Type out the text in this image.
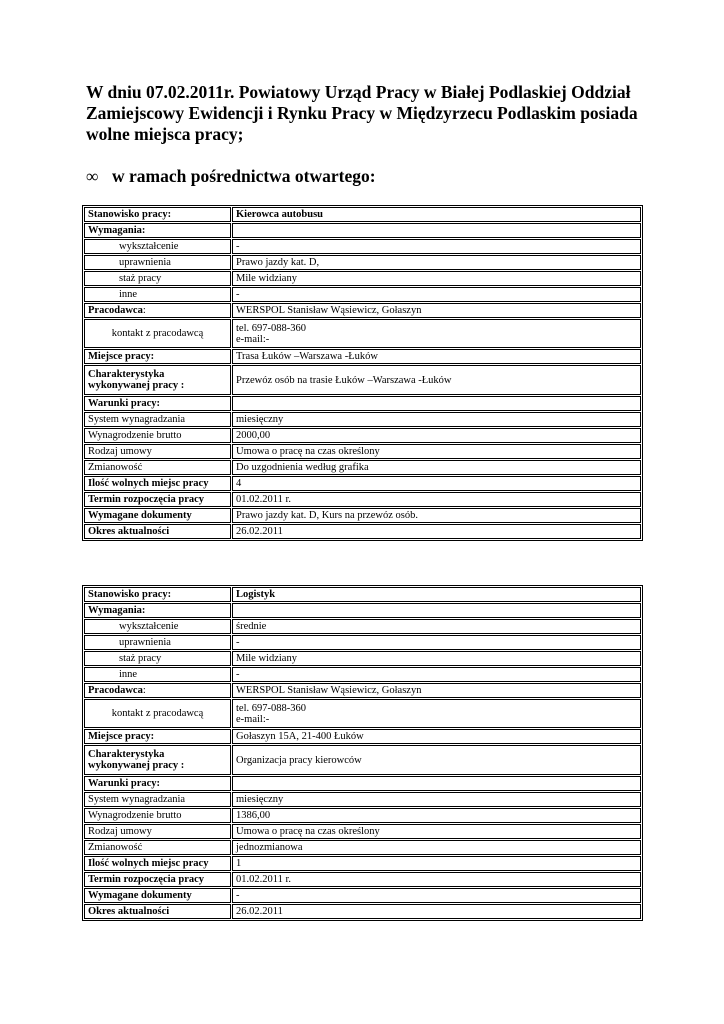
W dniu 07.02.2011r. Powiatowy Urząd Pracy w Białej Podlaskiej Oddział Zamiejscowy Ewidencji i Rynku Pracy w Międzyrzecu Podlaskim posiada wolne miejsca pracy;

∞ w ramach pośrednictwa otwartego:

Stanowisko pracy:	Kierowca autobusu
Wymagania:
wykształcenie	-
uprawnienia	Prawo jazdy kat. D,
staż pracy	Mile widziany
inne	-
Pracodawca :	WERSPOL Stanisław Wąsiewicz, Gołaszyn
kontakt z pracodawcą	tel. 697-088-360
e-mail:-
Miejsce pracy:	Trasa Łuków –Warszawa -Łuków
Charakterystyka wykonywanej pracy :	Przewóz osób na trasie Łuków –Warszawa -Łuków
Warunki pracy:
System wynagradzania	miesięczny
Wynagrodzenie brutto	2000,00
Rodzaj umowy	Umowa o pracę na czas określony
Zmianowość	Do uzgodnienia według grafika
Ilość wolnych miejsc pracy	4
Termin rozpoczęcia pracy	01.02.2011 r.
Wymagane dokumenty	Prawo jazdy kat. D, Kurs na przewóz osób.
Okres aktualności	26.02.2011
Stanowisko pracy:	Logistyk
Wymagania:
wykształcenie	średnie
uprawnienia	-
staż pracy	Mile widziany
inne	-
Pracodawca :	WERSPOL Stanisław Wąsiewicz, Gołaszyn
kontakt z pracodawcą	tel. 697-088-360
e-mail:-
Miejsce pracy:	Gołaszyn 15A, 21-400 Łuków
Charakterystyka wykonywanej pracy :	Organizacja pracy kierowców
Warunki pracy:
System wynagradzania	miesięczny
Wynagrodzenie brutto	1386,00
Rodzaj umowy	Umowa o pracę na czas określony
Zmianowość	jednozmianowa
Ilość wolnych miejsc pracy	1
Termin rozpoczęcia pracy	01.02.2011 r.
Wymagane dokumenty	-
Okres aktualności	26.02.2011
